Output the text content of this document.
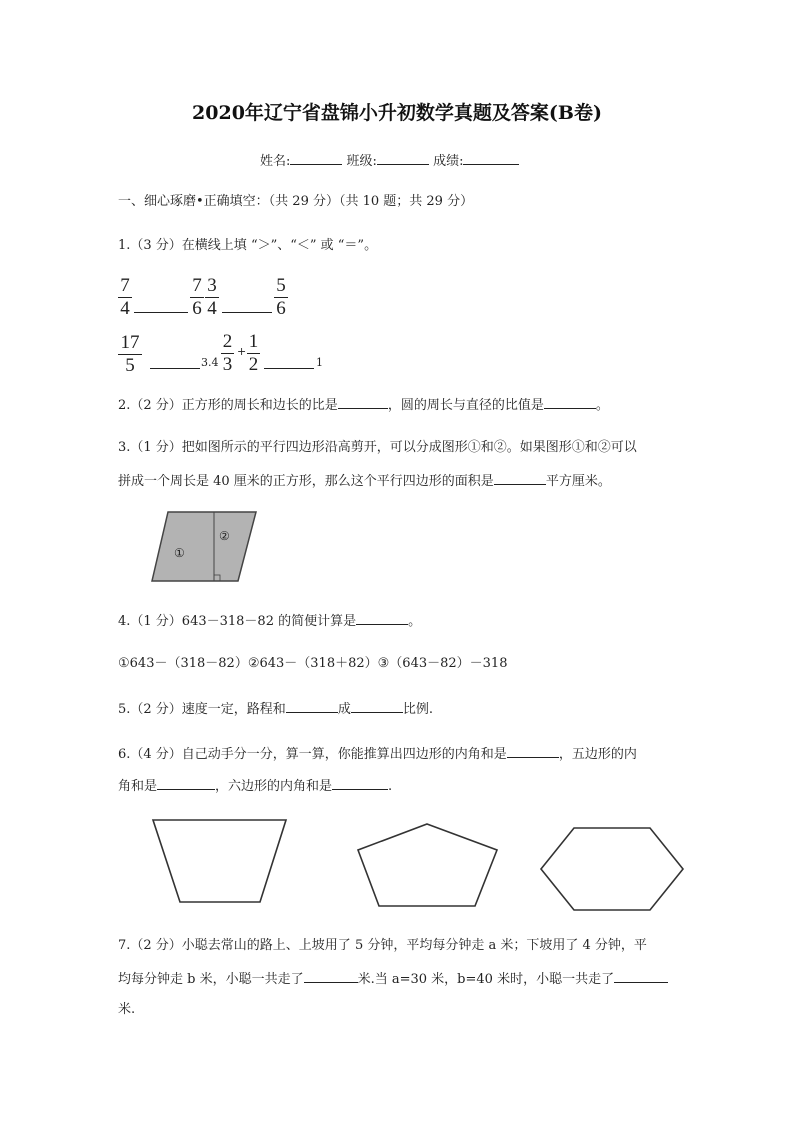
2020年辽宁省盘锦小升初数学真题及答案(B卷)
姓名:	班级:	成绩:
一、细心琢磨•正确填空：（共 29 分）（共 10 题；共 29 分）
1.（3 分）在横线上填 “＞”、“＜” 或 “＝”。
7
4
7
6
3
4
5
6
17
5	3.4
2
3
+ 1
2	1
2.（2 分）正方形的周长和边长的比是	，圆的周长与直径的比值是	。
3.（1 分）把如图所示的平行四边形沿高剪开，可以分成图形①和②。如果图形①和②可以
拼成一个周长是 40 厘米的正方形，那么这个平行四边形的面积是	平方厘米。
①
②
4.（1 分）643－318－82 的简便计算是	。
①643－（318－82）②643－（318＋82）③（643－82）－318
5.（2 分）速度一定，路程和	成	比例.
6.（4 分）自己动手分一分，算一算，你能推算出四边形的内角和是	，五边形的内
角和是	，六边形的内角和是	.
7.（2 分）小聪去常山的路上、上坡用了 5 分钟，平均每分钟走 a 米；下坡用了 4 分钟，平
均每分钟走 b 米，小聪一共走了	米.当 a=30 米，b=40 米时，小聪一共走了
米.
